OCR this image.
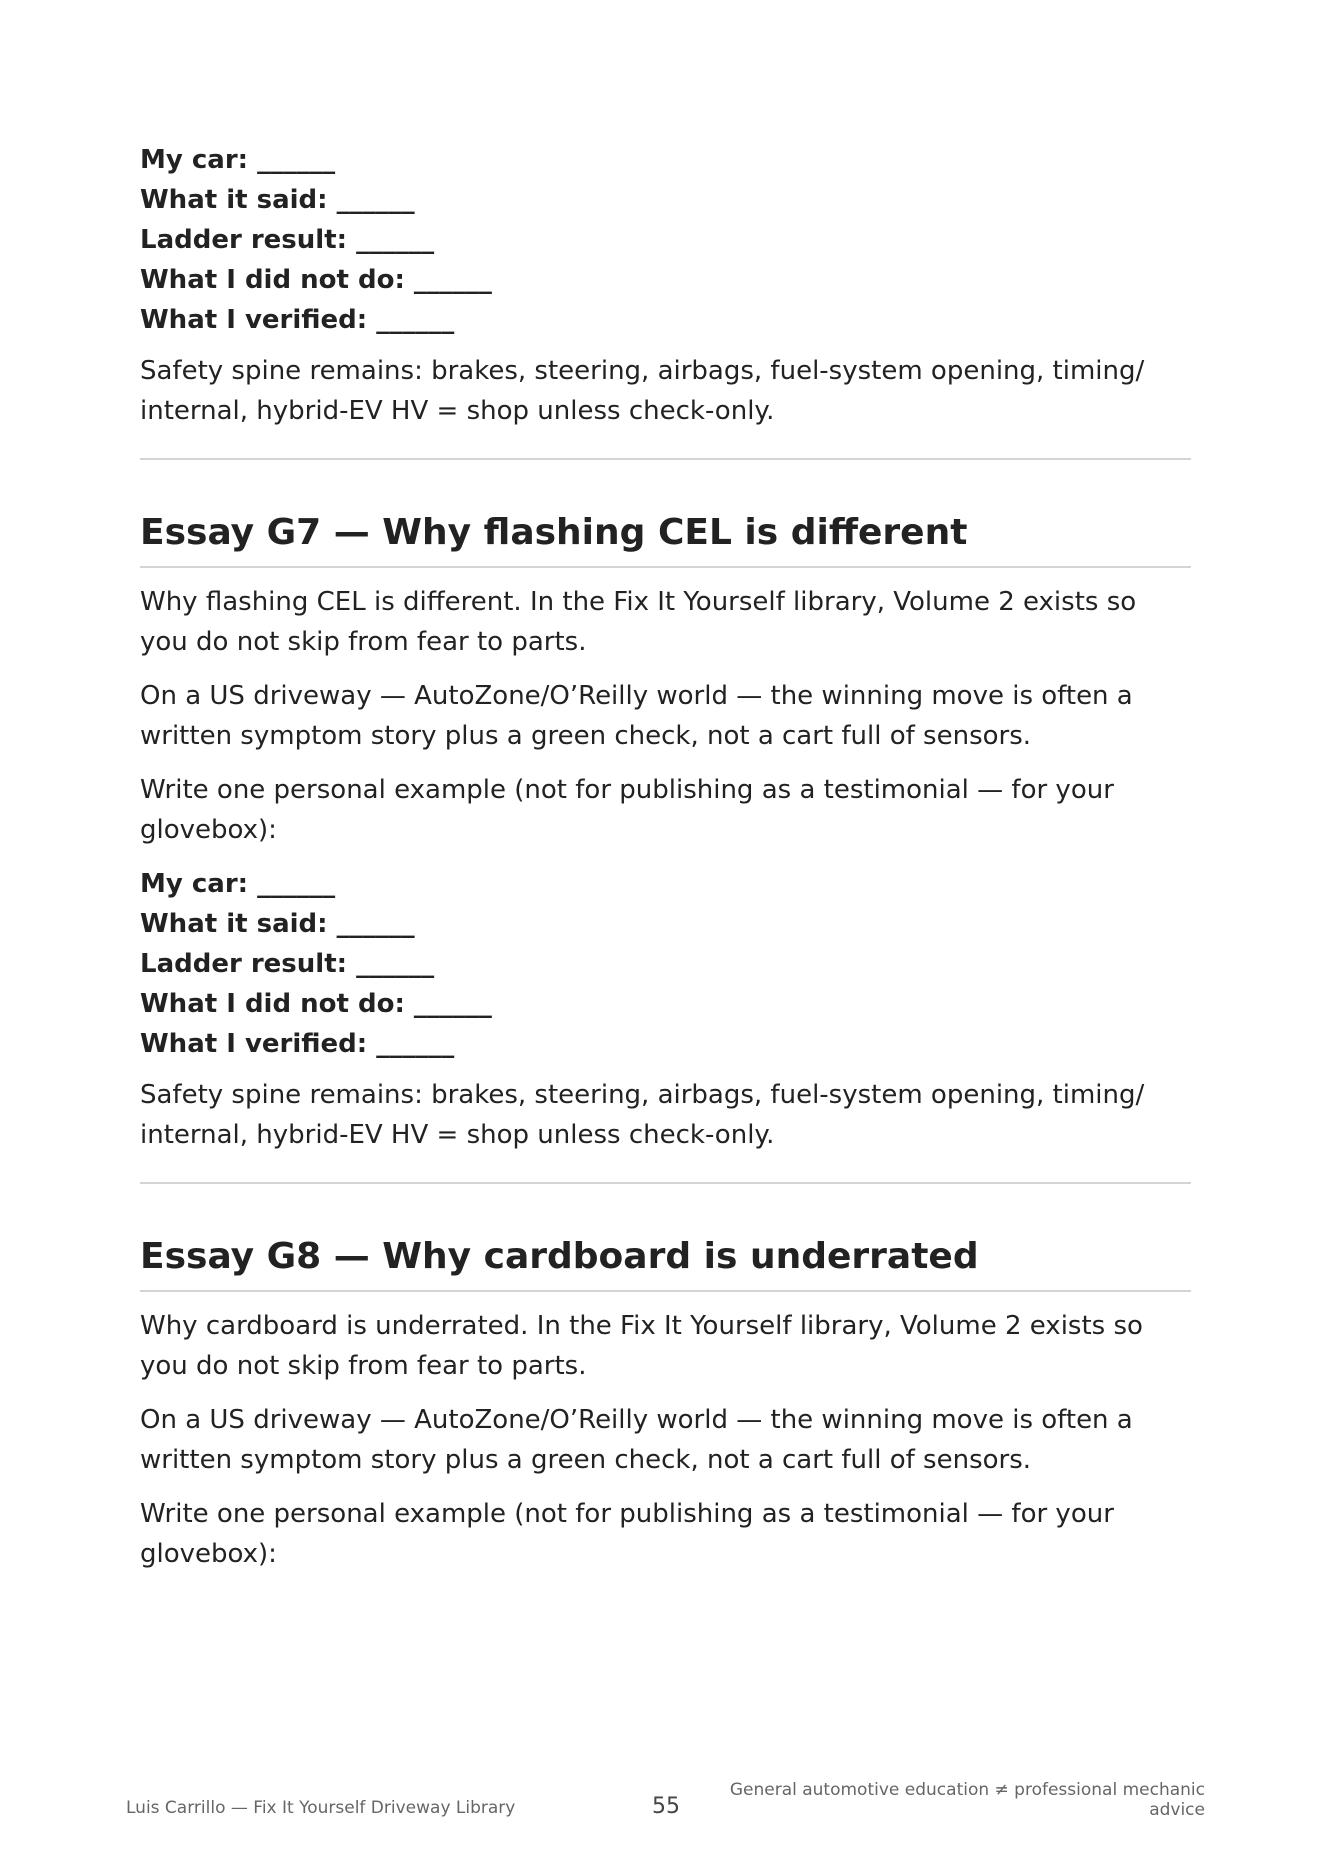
My car: ______
What it said: ______
Ladder result: ______
What I did not do: ______
What I verified: ______

Safety spine remains: brakes, steering, airbags, fuel-system opening, timing/ internal, hybrid-EV HV = shop unless check-only.

Essay G7 — Why flashing CEL is different

Why flashing CEL is different. In the Fix It Yourself library, Volume 2 exists so you do not skip from fear to parts.

On a US driveway — AutoZone/O’Reilly world — the winning move is often a written symptom story plus a green check, not a cart full of sensors.

Write one personal example (not for publishing as a testimonial — for your glovebox):

My car: ______
What it said: ______
Ladder result: ______
What I did not do: ______
What I verified: ______

Safety spine remains: brakes, steering, airbags, fuel-system opening, timing/ internal, hybrid-EV HV = shop unless check-only.

Essay G8 — Why cardboard is underrated

Why cardboard is underrated. In the Fix It Yourself library, Volume 2 exists so you do not skip from fear to parts.

On a US driveway — AutoZone/O’Reilly world — the winning move is often a written symptom story plus a green check, not a cart full of sensors.

Write one personal example (not for publishing as a testimonial — for your glovebox):

Luis Carrillo — Fix It Yourself Driveway Library	55
General automotive education ≠ professional mechanic advice
